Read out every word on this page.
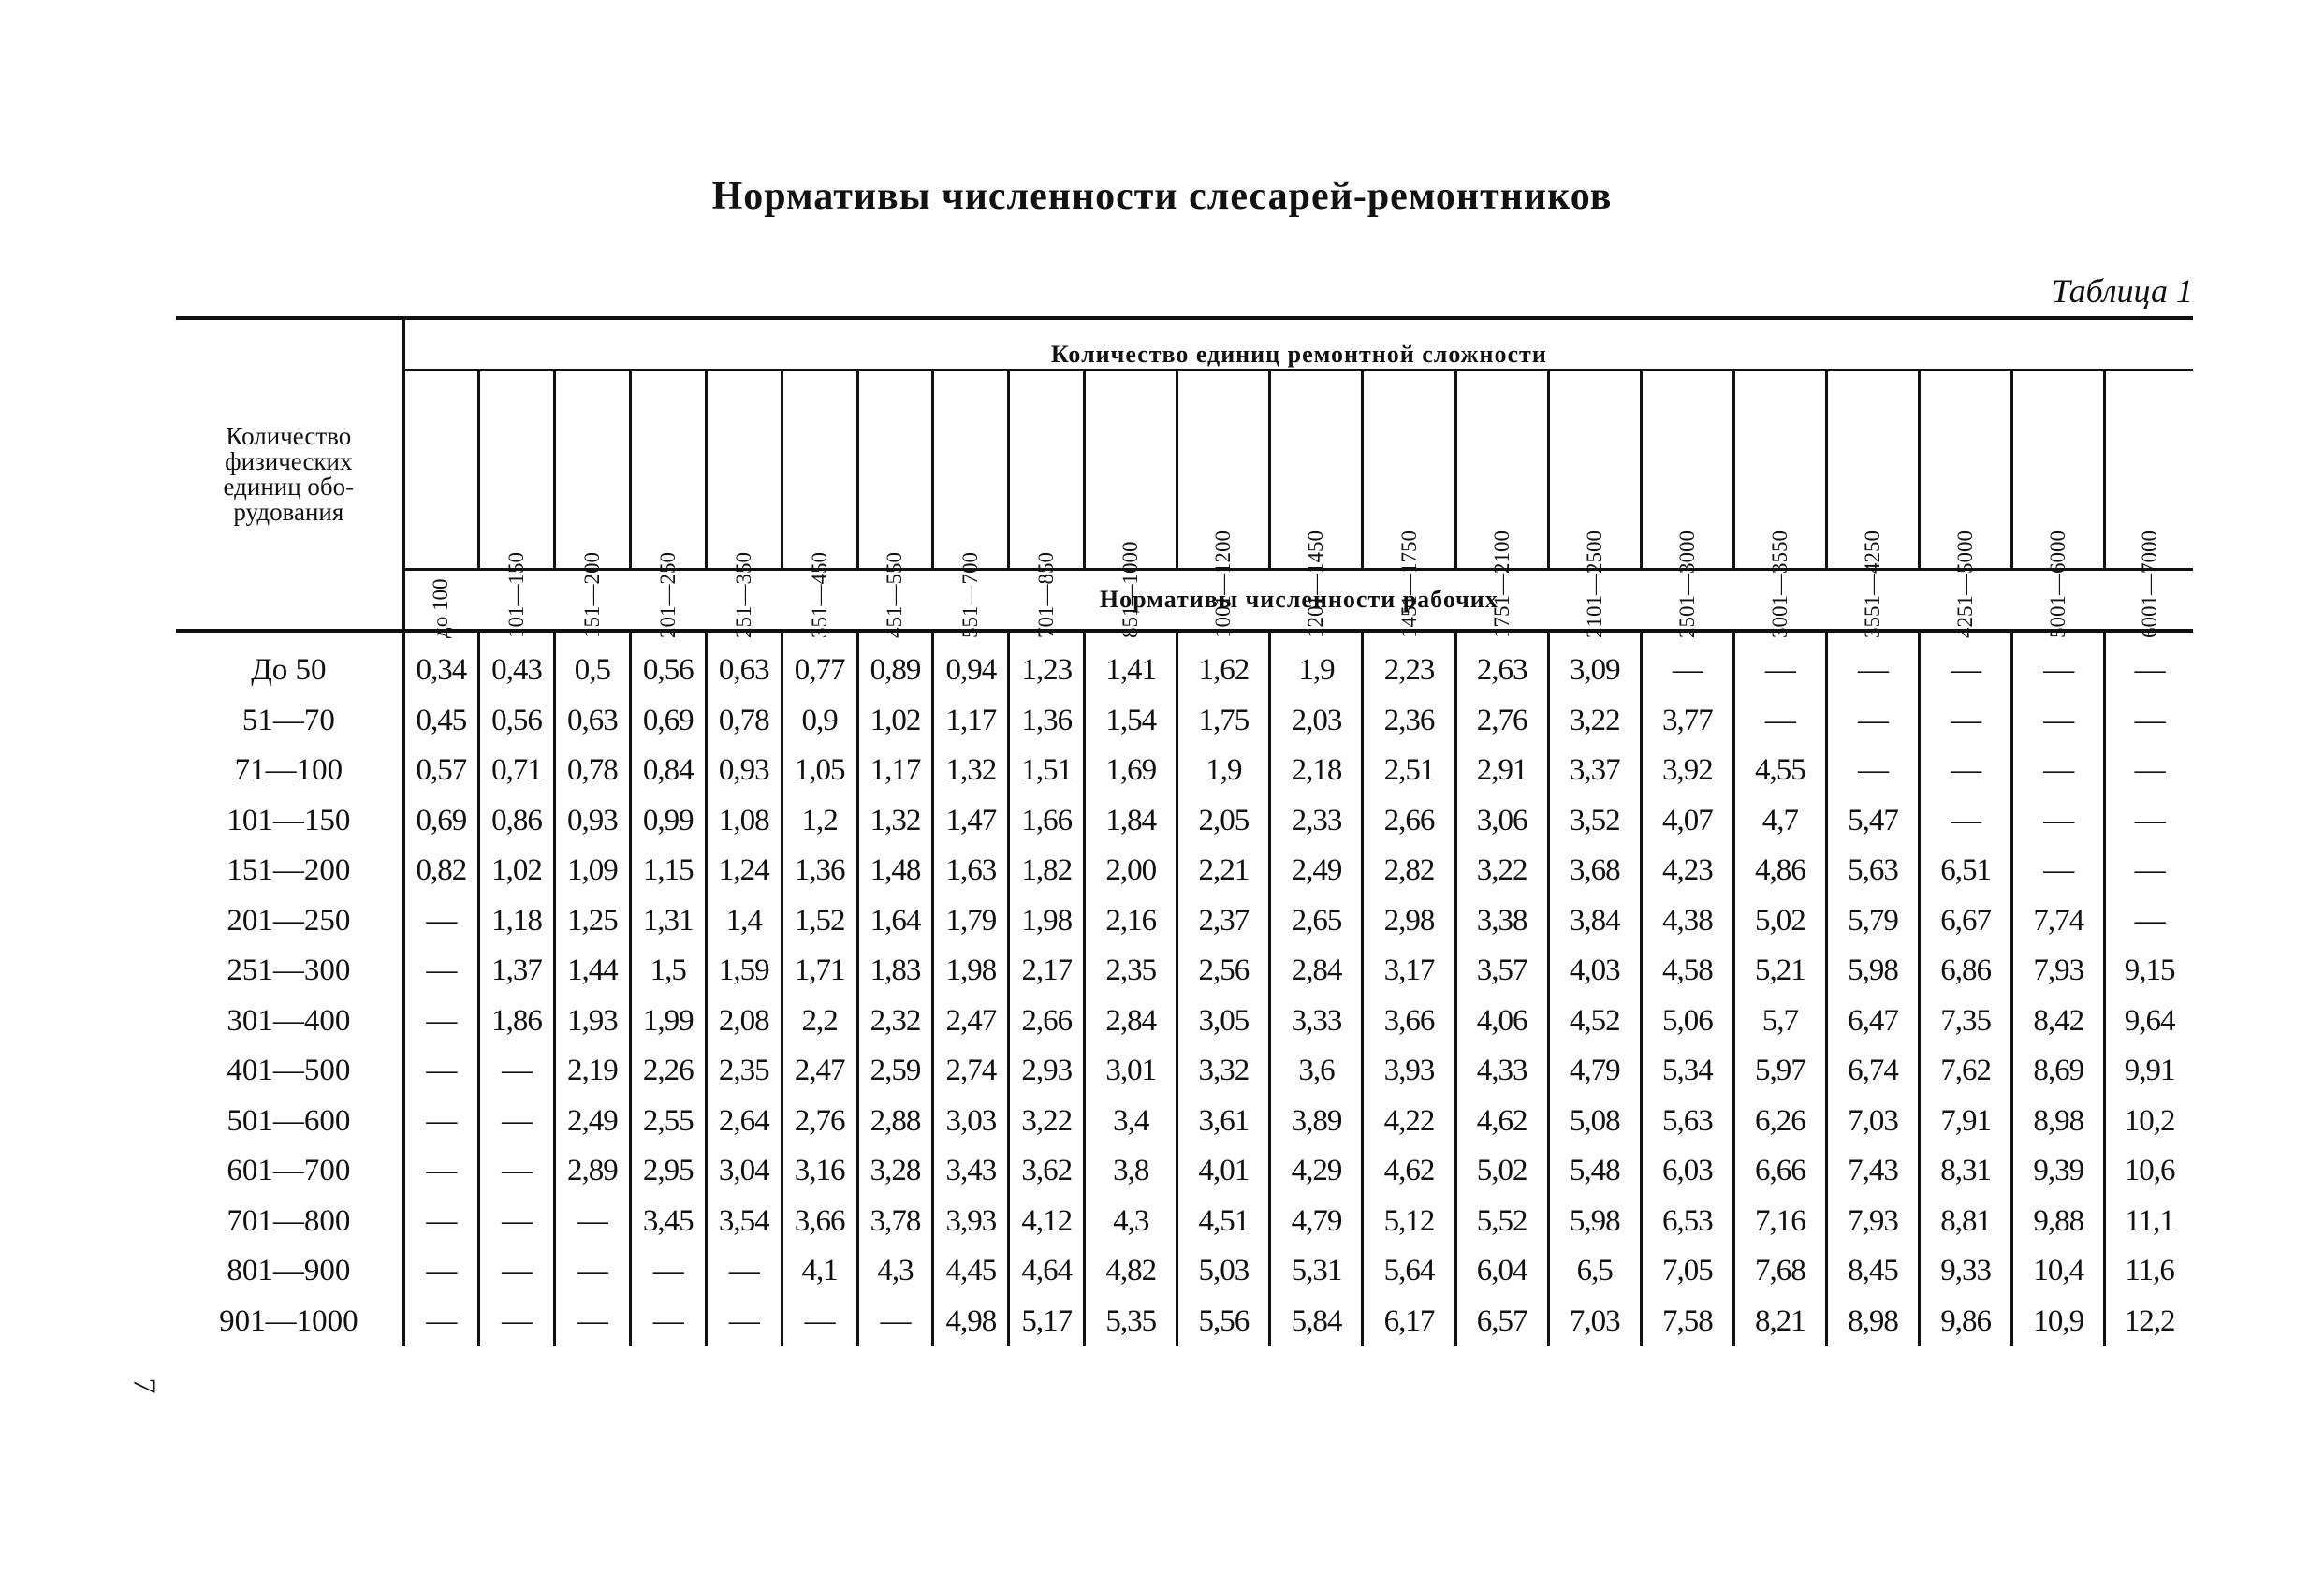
Нормативы численности слесарей-ремонтников
Таблица 1
Количество физических единиц обо- рудования	Количество единиц ремонтной сложности																				

	до 100	101—150	151—200	201—250	251—350	351—450	451—550	551—700	701—850	851—1000	1001—1200	1201—1450	1451—1750	1751—2100	2101—2500	2501—3000	3001—3550	3551—4250	4251—5000	5001—6000	6001—7000

	Нормативы численности рабочих																				
До 50	0,34	0,43	0,5	0,56	0,63	0,77	0,89	0,94	1,23	1,41	1,62	1,9	2,23	2,63	3,09	—	—	—	—	—	—
51—70	0,45	0,56	0,63	0,69	0,78	0,9	1,02	1,17	1,36	1,54	1,75	2,03	2,36	2,76	3,22	3,77	—	—	—	—	—
71—100	0,57	0,71	0,78	0,84	0,93	1,05	1,17	1,32	1,51	1,69	1,9	2,18	2,51	2,91	3,37	3,92	4,55	—	—	—	—
101—150	0,69	0,86	0,93	0,99	1,08	1,2	1,32	1,47	1,66	1,84	2,05	2,33	2,66	3,06	3,52	4,07	4,7	5,47	—	—	—
151—200	0,82	1,02	1,09	1,15	1,24	1,36	1,48	1,63	1,82	2,00	2,21	2,49	2,82	3,22	3,68	4,23	4,86	5,63	6,51	—	—
201—250	—	1,18	1,25	1,31	1,4	1,52	1,64	1,79	1,98	2,16	2,37	2,65	2,98	3,38	3,84	4,38	5,02	5,79	6,67	7,74	—
251—300	—	1,37	1,44	1,5	1,59	1,71	1,83	1,98	2,17	2,35	2,56	2,84	3,17	3,57	4,03	4,58	5,21	5,98	6,86	7,93	9,15
301—400	—	1,86	1,93	1,99	2,08	2,2	2,32	2,47	2,66	2,84	3,05	3,33	3,66	4,06	4,52	5,06	5,7	6,47	7,35	8,42	9,64
401—500	—	—	2,19	2,26	2,35	2,47	2,59	2,74	2,93	3,01	3,32	3,6	3,93	4,33	4,79	5,34	5,97	6,74	7,62	8,69	9,91
501—600	—	—	2,49	2,55	2,64	2,76	2,88	3,03	3,22	3,4	3,61	3,89	4,22	4,62	5,08	5,63	6,26	7,03	7,91	8,98	10,2
601—700	—	—	2,89	2,95	3,04	3,16	3,28	3,43	3,62	3,8	4,01	4,29	4,62	5,02	5,48	6,03	6,66	7,43	8,31	9,39	10,6
701—800	—	—	—	3,45	3,54	3,66	3,78	3,93	4,12	4,3	4,51	4,79	5,12	5,52	5,98	6,53	7,16	7,93	8,81	9,88	11,1
801—900	—	—	—	—	—	4,1	4,3	4,45	4,64	4,82	5,03	5,31	5,64	6,04	6,5	7,05	7,68	8,45	9,33	10,4	11,6
901—1000	—	—	—	—	—	—	—	4,98	5,17	5,35	5,56	5,84	6,17	6,57	7,03	7,58	8,21	8,98	9,86	10,9	12,2
7
